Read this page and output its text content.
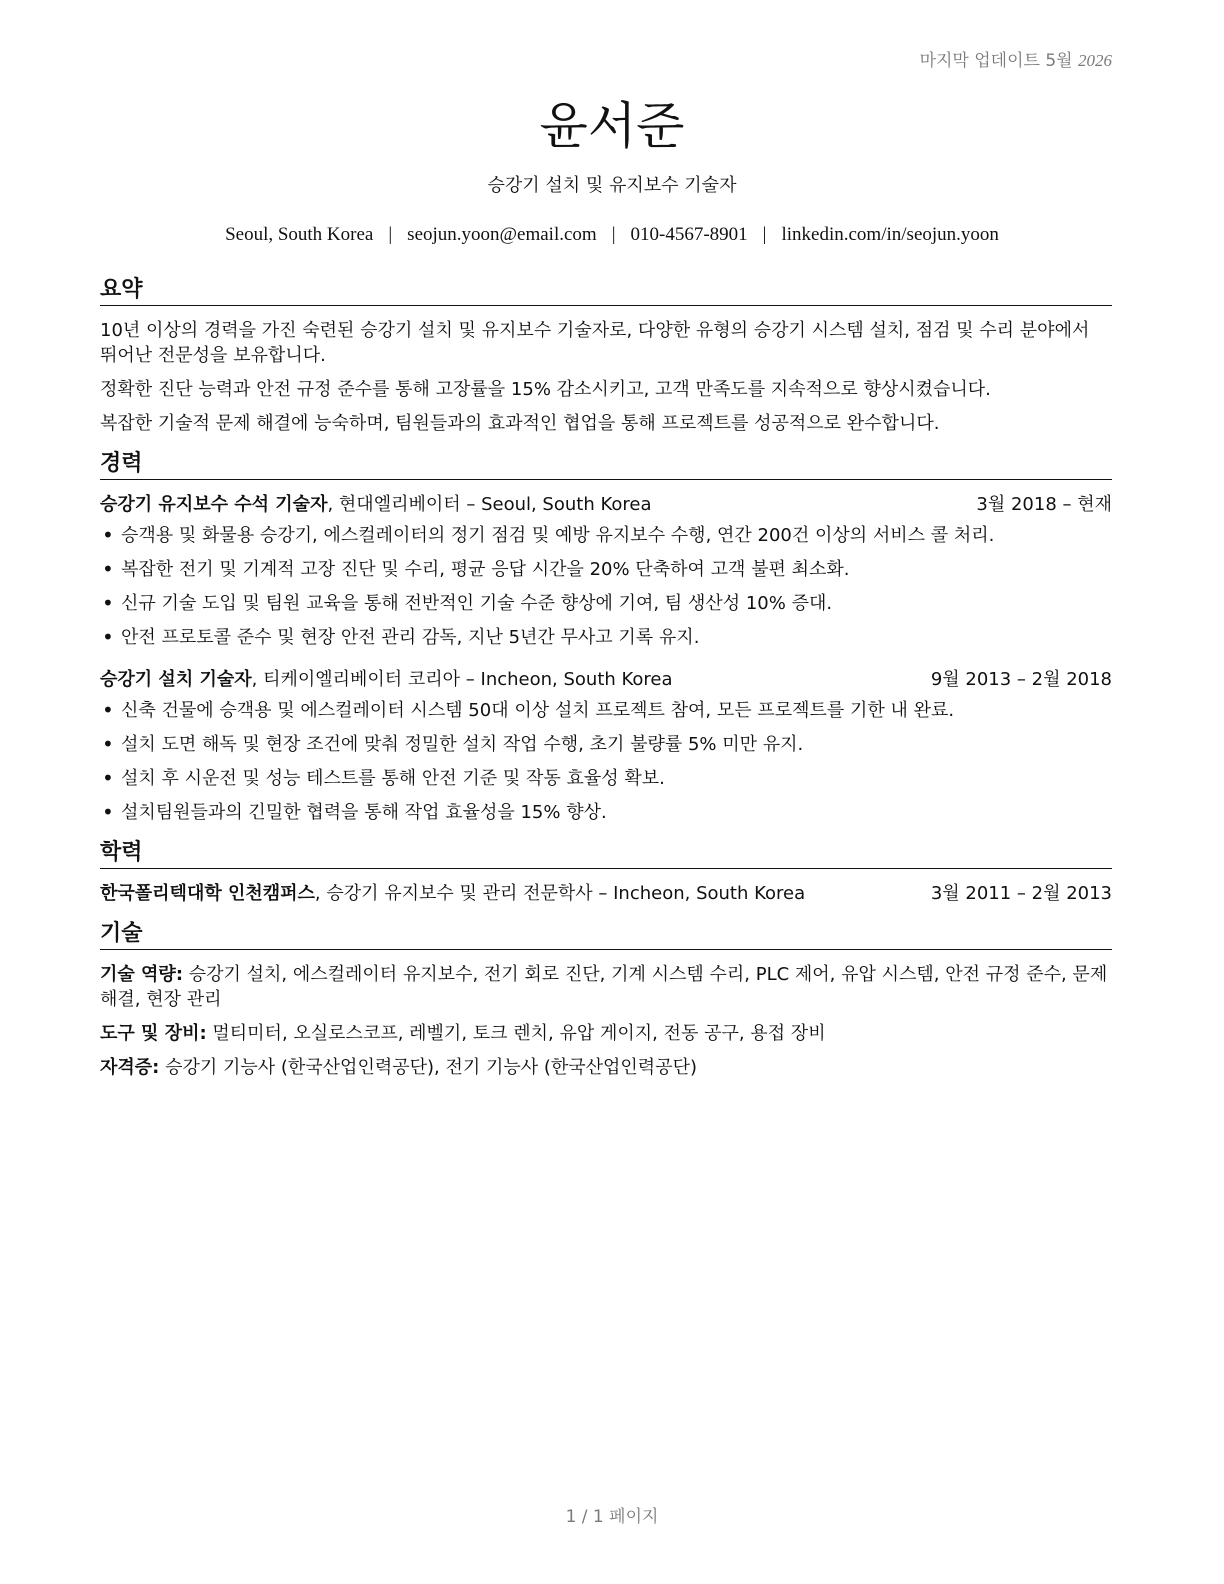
마지막 업데이트 5월 2026
윤서준
승강기 설치 및 유지보수 기술자
Seoul, South Korea | seojun.yoon@email.com | 010-4567-8901 | linkedin.com/in/seojun.yoon
요약

10년 이상의 경력을 가진 숙련된 승강기 설치 및 유지보수 기술자로, 다양한 유형의 승강기 시스템 설치, 점검 및 수리 분야에서 뛰어난 전문성을 보유합니다.

정확한 진단 능력과 안전 규정 준수를 통해 고장률을 15% 감소시키고, 고객 만족도를 지속적으로 향상시켰습니다.

복잡한 기술적 문제 해결에 능숙하며, 팀원들과의 효과적인 협업을 통해 프로젝트를 성공적으로 완수합니다.

경력
승강기 유지보수 수석 기술자, 현대엘리베이터 – Seoul, South Korea	3월 2018 – 현재
• 승객용 및 화물용 승강기, 에스컬레이터의 정기 점검 및 예방 유지보수 수행, 연간 200건 이상의 서비스 콜 처리.
• 복잡한 전기 및 기계적 고장 진단 및 수리, 평균 응답 시간을 20% 단축하여 고객 불편 최소화.
• 신규 기술 도입 및 팀원 교육을 통해 전반적인 기술 수준 향상에 기여, 팀 생산성 10% 증대.
• 안전 프로토콜 준수 및 현장 안전 관리 감독, 지난 5년간 무사고 기록 유지.
승강기 설치 기술자, 티케이엘리베이터 코리아 – Incheon, South Korea	9월 2013 – 2월 2018
• 신축 건물에 승객용 및 에스컬레이터 시스템 50대 이상 설치 프로젝트 참여, 모든 프로젝트를 기한 내 완료.
• 설치 도면 해독 및 현장 조건에 맞춰 정밀한 설치 작업 수행, 초기 불량률 5% 미만 유지.
• 설치 후 시운전 및 성능 테스트를 통해 안전 기준 및 작동 효율성 확보.
• 설치팀원들과의 긴밀한 협력을 통해 작업 효율성을 15% 향상.
학력
한국폴리텍대학 인천캠퍼스, 승강기 유지보수 및 관리 전문학사 – Incheon, South Korea	3월 2011 – 2월 2013
기술

기술 역량: 승강기 설치, 에스컬레이터 유지보수, 전기 회로 진단, 기계 시스템 수리, PLC 제어, 유압 시스템, 안전 규정 준수, 문제 해결, 현장 관리

도구 및 장비: 멀티미터, 오실로스코프, 레벨기, 토크 렌치, 유압 게이지, 전동 공구, 용접 장비

자격증: 승강기 기능사 (한국산업인력공단), 전기 기능사 (한국산업인력공단)

1 / 1 페이지
